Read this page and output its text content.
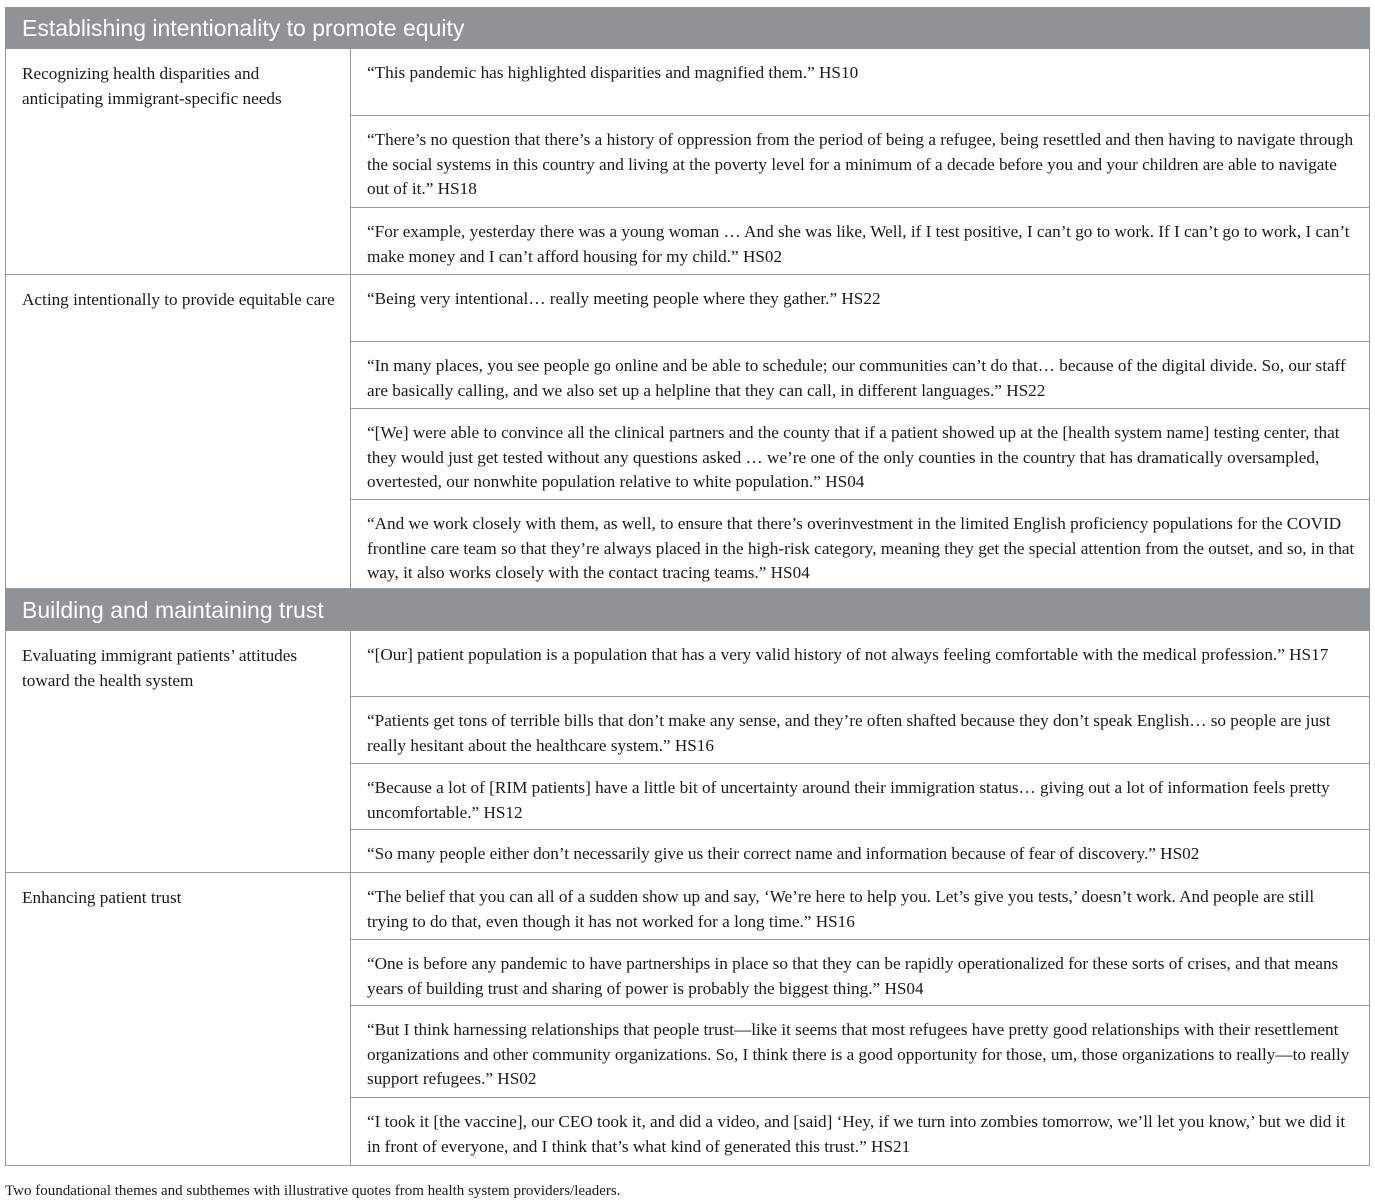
Establishing intentionality to promote equity
Recognizing health disparities and anticipating immigrant-specific needs
“This pandemic has highlighted disparities and magnified them.” HS10
“There’s no question that there’s a history of oppression from the period of being a refugee, being resettled and then having to navigate through the social systems in this country and living at the poverty level for a minimum of a decade before you and your children are able to navigate out of it.” HS18
“For example, yesterday there was a young woman … And she was like, Well, if I test positive, I can’t go to work. If I can’t go to work, I can’t make money and I can’t afford housing for my child.” HS02
Acting intentionally to provide equitable care	“Being very intentional… really meeting people where they gather.” HS22
“In many places, you see people go online and be able to schedule; our communities can’t do that… because of the digital divide. So, our staff are basically calling, and we also set up a helpline that they can call, in different languages.” HS22
“[We] were able to convince all the clinical partners and the county that if a patient showed up at the [health system name] testing center, that they would just get tested without any questions asked … we’re one of the only counties in the country that has dramatically oversampled, overtested, our nonwhite population relative to white population.” HS04
“And we work closely with them, as well, to ensure that there’s overinvestment in the limited English proficiency populations for the COVID frontline care team so that they’re always placed in the high-risk category, meaning they get the special attention from the outset, and so, in that way, it also works closely with the contact tracing teams.” HS04
Building and maintaining trust
Evaluating immigrant patients’ attitudes toward the health system
“[Our] patient population is a population that has a very valid history of not always feeling comfortable with the medical profession.” HS17
“Patients get tons of terrible bills that don’t make any sense, and they’re often shafted because they don’t speak English… so people are just really hesitant about the healthcare system.” HS16
“Because a lot of [RIM patients] have a little bit of uncertainty around their immigration status… giving out a lot of information feels pretty uncomfortable.” HS12
“So many people either don’t necessarily give us their correct name and information because of fear of discovery.” HS02
Enhancing patient trust	“The belief that you can all of a sudden show up and say, ‘We’re here to help you. Let’s give you tests,’ doesn’t work. And people are still trying to do that, even though it has not worked for a long time.” HS16
“One is before any pandemic to have partnerships in place so that they can be rapidly operationalized for these sorts of crises, and that means years of building trust and sharing of power is probably the biggest thing.” HS04
“But I think harnessing relationships that people trust—like it seems that most refugees have pretty good relationships with their resettlement organizations and other community organizations. So, I think there is a good opportunity for those, um, those organizations to really—to really support refugees.” HS02
“I took it [the vaccine], our CEO took it, and did a video, and [said] ‘Hey, if we turn into zombies tomorrow, we’ll let you know,’ but we did it in front of everyone, and I think that’s what kind of generated this trust.” HS21
Two foundational themes and subthemes with illustrative quotes from health system providers/leaders.
